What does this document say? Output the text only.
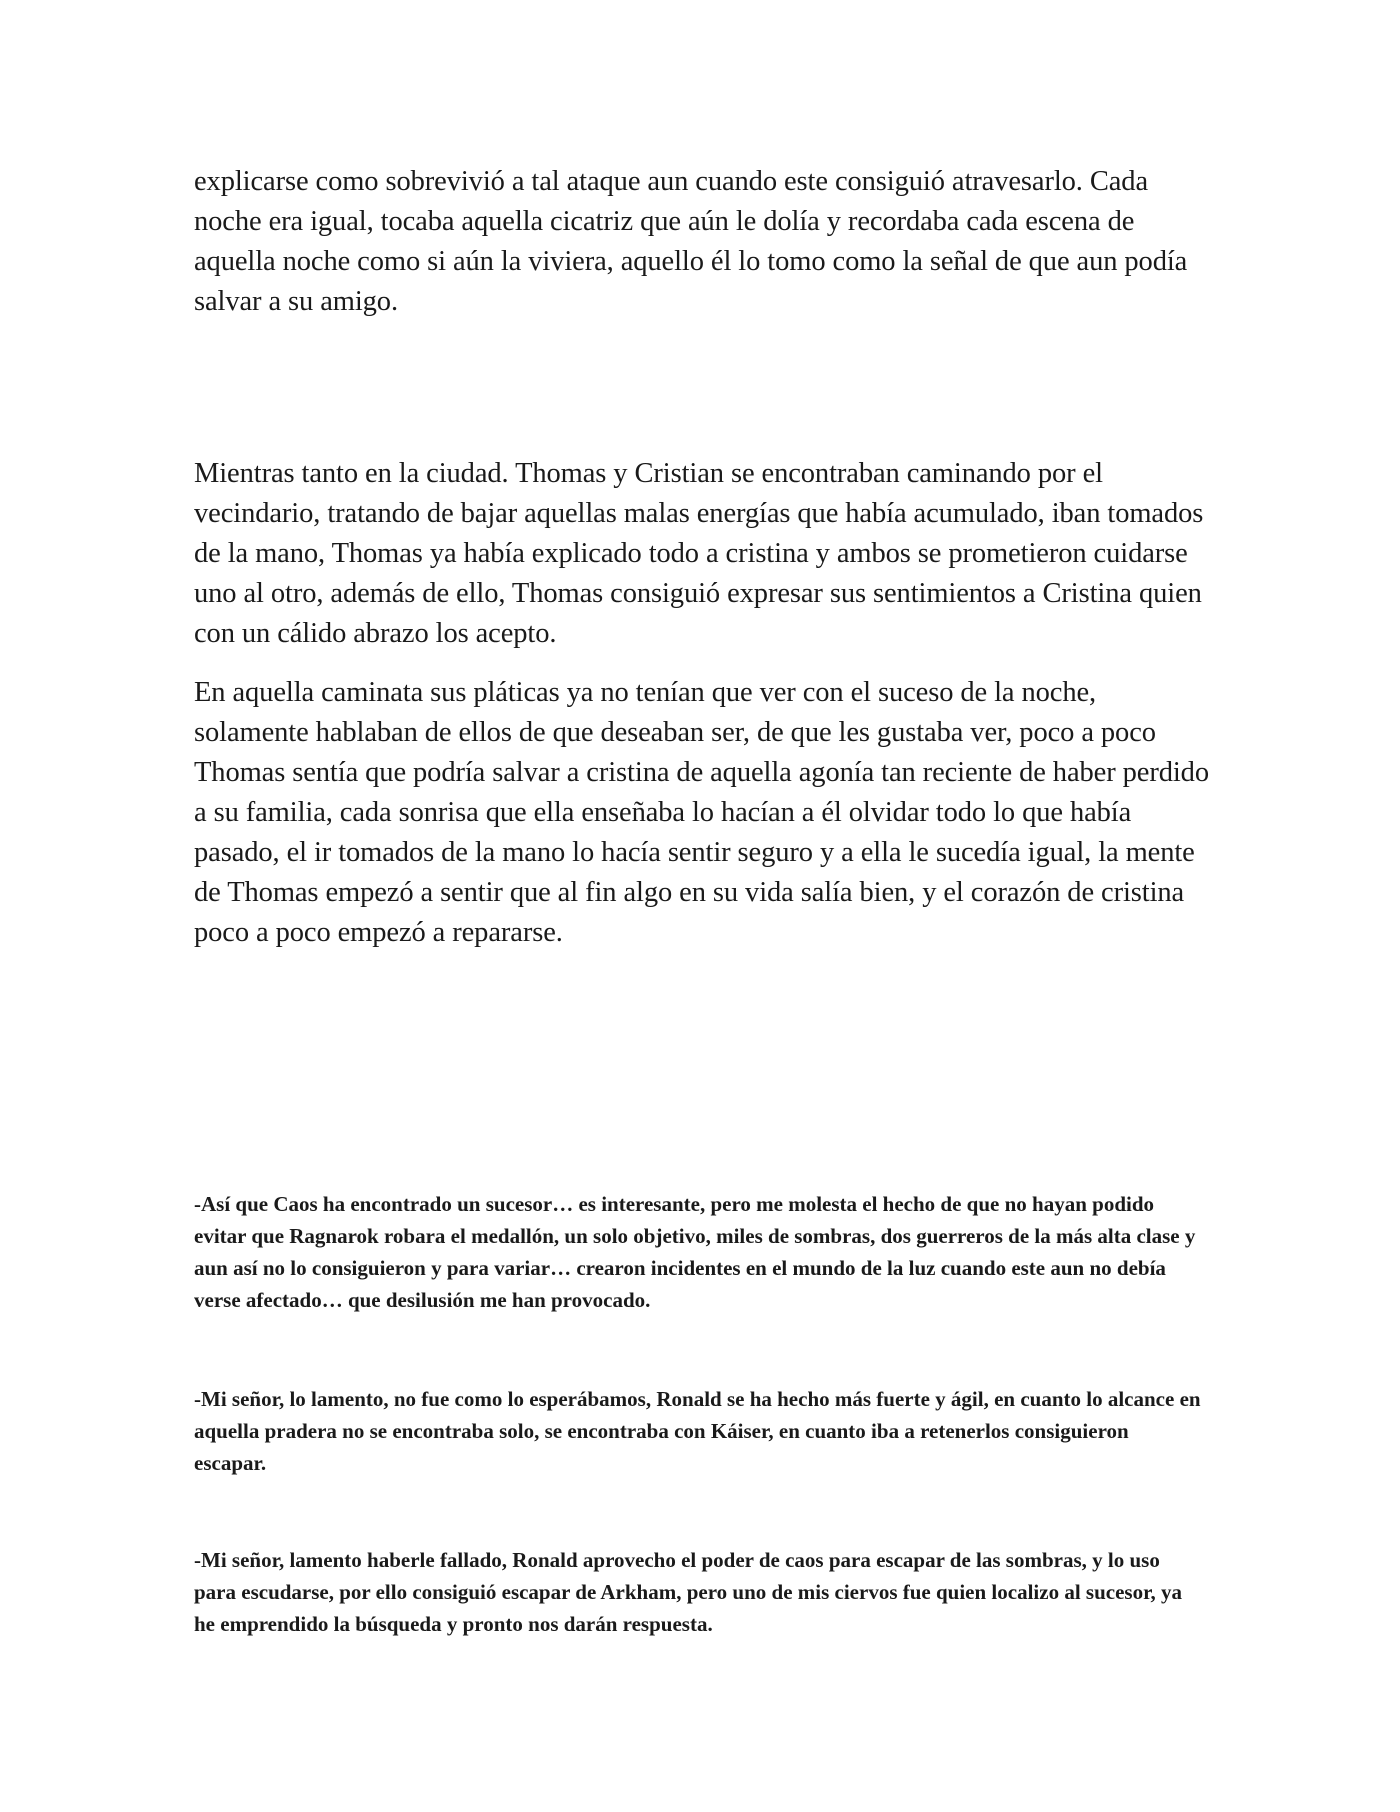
explicarse como sobrevivió a tal ataque aun cuando este consiguió atravesarlo. Cada noche era igual, tocaba aquella cicatriz que aún le dolía y recordaba cada escena de aquella noche como si aún la viviera, aquello él lo tomo como la señal de que aun podía salvar a su amigo.

Mientras tanto en la ciudad. Thomas y Cristian se encontraban caminando por el vecindario, tratando de bajar aquellas malas energías que había acumulado, iban tomados de la mano, Thomas ya había explicado todo a cristina y ambos se prometieron cuidarse uno al otro, además de ello, Thomas consiguió expresar sus sentimientos a Cristina quien con un cálido abrazo los acepto.

En aquella caminata sus pláticas ya no tenían que ver con el suceso de la noche, solamente hablaban de ellos de que deseaban ser, de que les gustaba ver, poco a poco Thomas sentía que podría salvar a cristina de aquella agonía tan reciente de haber perdido a su familia, cada sonrisa que ella enseñaba lo hacían a él olvidar todo lo que había pasado, el ir tomados de la mano lo hacía sentir seguro y a ella le sucedía igual, la mente de Thomas empezó a sentir que al fin algo en su vida salía bien, y el corazón de cristina poco a poco empezó a repararse.

-Así que Caos ha encontrado un sucesor… es interesante, pero me molesta el hecho de que no hayan podido evitar que Ragnarok robara el medallón, un solo objetivo, miles de sombras, dos guerreros de la más alta clase y aun así no lo consiguieron y para variar… crearon incidentes en el mundo de la luz cuando este aun no debía verse afectado… que desilusión me han provocado.

-Mi señor, lo lamento, no fue como lo esperábamos, Ronald se ha hecho más fuerte y ágil, en cuanto lo alcance en aquella pradera no se encontraba solo, se encontraba con Káiser, en cuanto iba a retenerlos consiguieron escapar.

-Mi señor, lamento haberle fallado, Ronald aprovecho el poder de caos para escapar de las sombras, y lo uso para escudarse, por ello consiguió escapar de Arkham, pero uno de mis ciervos fue quien localizo al sucesor, ya he emprendido la búsqueda y pronto nos darán respuesta.
